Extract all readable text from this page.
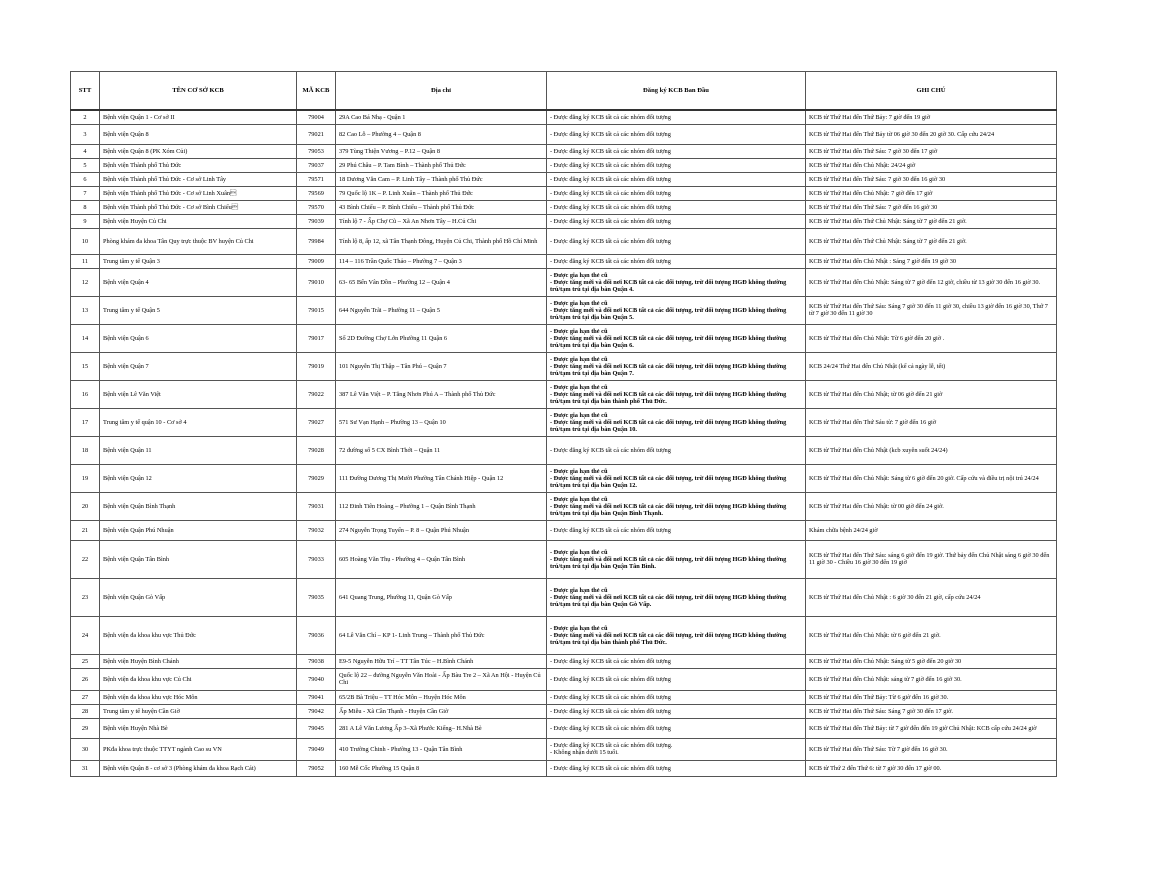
STT	TÊN CƠ SỞ KCB	MÃ KCB	Địa chỉ	Đăng ký KCB Ban Đầu	GHI CHÚ
2	Bệnh viện Quận 1 - Cơ sở II	79004	29A Cao Bá Nhạ - Quận 1	- Được đăng ký KCB tất cả các nhóm đối tượng	KCB từ Thứ Hai đến Thứ Bảy: 7 giờ đến 19 giờ
3	Bệnh viện Quận 8	79021	82 Cao Lỗ – Phường 4 – Quận 8	- Được đăng ký KCB tất cả các nhóm đối tượng	KCB từ Thứ Hai đến Thứ Bảy từ 06 giờ 30 đến 20 giờ 30. Cấp cứu 24/24
4	Bệnh viện Quận 8 (PK Xóm Củi)	79053	379 Tùng Thiện Vương – P.12 – Quận 8	- Được đăng ký KCB tất cả các nhóm đối tượng	KCB từ Thứ Hai đến Thứ Sáu: 7 giờ 30 đến 17 giờ
5	Bệnh viện Thành phố Thủ Đức	79037	29 Phú Châu – P. Tam Bình – Thành phố Thủ Đức	- Được đăng ký KCB tất cả các nhóm đối tượng	KCB từ Thứ Hai đến Chủ Nhật: 24/24 giờ
6	Bệnh viện Thành phố Thủ Đức - Cơ sở Linh Tây	79571	18 Dương Văn Cam – P. Linh Tây – Thành phố Thủ Đức	- Được đăng ký KCB tất cả các nhóm đối tượng	KCB từ Thứ Hai đến Thứ Sáu: 7 giờ 30 đến 16 giờ 30
7	Bệnh viện Thành phố Thủ Đức - Cơ sở Linh Xuân	79569	79 Quốc lộ 1K – P. Linh Xuân – Thành phố Thủ Đức	- Được đăng ký KCB tất cả các nhóm đối tượng	KCB từ Thứ Hai đến Chủ Nhật: 7 giờ đến 17 giờ
8	Bệnh viện Thành phố Thủ Đức - Cơ sở Bình Chiểu	79570	43 Bình Chiểu – P. Bình Chiểu – Thành phố Thủ Đức	- Được đăng ký KCB tất cả các nhóm đối tượng	KCB từ Thứ Hai đến Thứ Sáu: 7 giờ đến 16 giờ 30
9	Bệnh viện Huyện Củ Chi	79039	Tỉnh lộ 7 - Ấp Chợ Cũ – Xã An Nhơn Tây – H.Củ Chi	- Được đăng ký KCB tất cả các nhóm đối tượng	KCB từ Thứ Hai đến Thứ Chủ Nhật: Sáng từ 7 giờ đến 21 giờ.
10	Phòng khám đa khoa Tân Quy trực thuộc BV huyện Củ Chi	79984	Tỉnh lộ 8, ấp 12, xã Tân Thạnh Đông, Huyện Củ Chi, Thành phố Hồ Chí Minh	- Được đăng ký KCB tất cả các nhóm đối tượng	KCB từ Thứ Hai đến Thứ Chủ Nhật: Sáng từ 7 giờ đến 21 giờ.
11	Trung tâm y tế Quận 3	79009	114 – 116 Trần Quốc Thảo – Phường 7 – Quận 3	- Được đăng ký KCB tất cả các nhóm đối tượng	KCB từ Thứ Hai đến Chủ Nhật : Sáng 7 giờ đến 19 giờ 30
12	Bệnh viện Quận 4	79010	63- 65 Bến Vân Đồn – Phường 12 – Quận 4	- Được gia hạn thẻ cũ
- Được tăng mới và đổi nơi KCB tất cả các đối tượng, trừ đối tượng HGĐ không thường trú/tạm trú tại địa bàn Quận 4.	KCB từ Thứ Hai đến Chủ Nhật: Sáng từ 7 giờ đến 12 giờ, chiều từ 13 giờ 30 đến 16 giờ 30.
13	Trung tâm y tế Quận 5	79015	644 Nguyễn Trãi – Phường 11 – Quận 5	- Được gia hạn thẻ cũ
- Được tăng mới và đổi nơi KCB tất cả các đối tượng, trừ đối tượng HGĐ không thường trú/tạm trú tại địa bàn Quận 5.	KCB từ Thứ Hai đến Thứ Sáu: Sáng 7 giờ 30 đến 11 giờ 30, chiều 13 giờ đến 16 giờ 30, Thứ 7 từ 7 giờ 30 đến 11 giờ 30
14	Bệnh viện Quận 6	79017	Số 2D Đường Chợ Lớn Phường 11 Quận 6	- Được gia hạn thẻ cũ
- Được tăng mới và đổi nơi KCB tất cả các đối tượng, trừ đối tượng HGĐ không thường trú/tạm trú tại địa bàn Quận 6.	KCB từ Thứ Hai đến Chủ Nhật: Từ 6 giờ đến 20 giờ .
15	Bệnh viện Quận 7	79019	101 Nguyễn Thị Thập – Tân Phú – Quận 7	- Được gia hạn thẻ cũ
- Được tăng mới và đổi nơi KCB tất cả các đối tượng, trừ đối tượng HGĐ không thường trú/tạm trú tại địa bàn Quận 7.	KCB 24/24 Thứ Hai đến Chủ Nhật (kể cả ngày lễ, tết)
16	Bệnh viện Lê Văn Việt	79022	387 Lê Văn Việt – P. Tăng Nhơn Phú A – Thành phố Thủ Đức	- Được gia hạn thẻ cũ
- Được tăng mới và đổi nơi KCB tất cả các đối tượng, trừ đối tượng HGĐ không thường trú/tạm trú tại địa bàn thành phố Thủ Đức.	KCB từ Thứ Hai đến Chủ Nhật; từ 06 giờ đến 21 giờ
17	Trung tâm y tế quận 10 - Cơ sở 4	79027	571 Sư Vạn Hạnh – Phường 13 – Quận 10	- Được gia hạn thẻ cũ
- Được tăng mới và đổi nơi KCB tất cả các đối tượng, trừ đối tượng HGĐ không thường trú/tạm trú tại địa bàn Quận 10.	KCB từ Thứ Hai đến Thứ Sáu từ: 7 giờ đến 16 giờ
18	Bệnh viện Quận 11	79028	72 đường số 5 CX Bình Thới – Quận 11	- Được đăng ký KCB tất cả các nhóm đối tượng	KCB từ Thứ Hai đến Chủ Nhật (kcb xuyên suốt 24/24)
19	Bệnh viện Quận 12	79029	111 Đường Dương Thị Mười Phường Tân Chánh Hiệp - Quận 12	- Được gia hạn thẻ cũ
- Được tăng mới và đổi nơi KCB tất cả các đối tượng, trừ đối tượng HGĐ không thường trú/tạm trú tại địa bàn Quận 12.	KCB từ Thứ Hai đến Chủ Nhật: Sáng từ 6 giờ đến 20 giờ. Cấp cứu và điều trị nội trú 24/24
20	Bệnh viện Quận Bình Thạnh	79031	112 Đinh Tiên Hoàng – Phường 1 – Quận Bình Thạnh	- Được gia hạn thẻ cũ
- Được tăng mới và đổi nơi KCB tất cả các đối tượng, trừ đối tượng HGĐ không thường trú/tạm trú tại địa bàn Quận Bình Thạnh.	KCB từ Thứ Hai đến Chủ Nhật: từ 00 giờ đến 24 giờ.
21	Bệnh viện Quận Phú Nhuận	79032	274 Nguyễn Trọng Tuyển – P. 8 – Quận Phú Nhuận	- Được đăng ký KCB tất cả các nhóm đối tượng	Khám chữa bệnh 24/24 giờ
22	Bệnh viện Quận Tân Bình	79033	605 Hoàng Văn Thụ - Phường 4 – Quận Tân Bình	- Được gia hạn thẻ cũ
- Được tăng mới và đổi nơi KCB tất cả các đối tượng, trừ đối tượng HGĐ không thường trú/tạm trú tại địa bàn Quận Tân Bình.	KCB từ Thứ Hai đến Thứ Sáu: sáng 6 giờ đến 19 giờ. Thứ bảy đến Chủ Nhật sáng 6 giờ 30 đến 11 giờ 30 - Chiều 16 giờ 30 đến 19 giờ
23	Bệnh viện Quận Gò Vấp	79035	641 Quang Trung, Phường 11, Quận Gò Vấp	- Được gia hạn thẻ cũ
- Được tăng mới và đổi nơi KCB tất cả các đối tượng, trừ đối tượng HGĐ không thường trú/tạm trú tại địa bàn Quận Gò Vấp.	KCB từ Thứ Hai đến Chủ Nhật : 6 giờ 30 đến 21 giờ, cấp cứu 24/24
24	Bệnh viện đa khoa khu vực Thủ Đức	79036	64 Lê Văn Chí – KP 1- Linh Trung – Thành phố Thủ Đức	- Được gia hạn thẻ cũ
- Được tăng mới và đổi nơi KCB tất cả các đối tượng, trừ đối tượng HGĐ không thường trú/tạm trú tại địa bàn thành phố Thủ Đức.	KCB từ Thứ Hai đến Chủ Nhật: từ 6 giờ đến 21 giờ.
25	Bệnh viện Huyện Bình Chánh	79038	E9-5 Nguyễn Hữu Trí – TT Tân Túc – H.Bình Chánh	- Được đăng ký KCB tất cả các nhóm đối tượng	KCB từ Thứ Hai đến Chủ Nhật: Sáng từ 5 giờ đến 20 giờ 30
26	Bệnh viện đa khoa khu vực Củ Chi	79040	Quốc lộ 22 – đường Nguyễn Văn Hoài - Ấp Bàu Tre 2 – Xã An Hội - Huyện Củ Chi	- Được đăng ký KCB tất cả các nhóm đối tượng	KCB từ Thứ Hai đến Chủ Nhật: sáng từ 7 giờ đến 16 giờ 30.
27	Bệnh viện đa khoa khu vực Hóc Môn	79041	65/2B Bà Triệu – TT Hóc Môn – Huyện Hóc Môn	- Được đăng ký KCB tất cả các nhóm đối tượng	KCB từ Thứ Hai đến Thứ Bảy: Từ 6 giờ đến 16 giờ 30.
28	Trung tâm y tế huyện Cần Giờ	79042	Ấp Miễu - Xã Cần Thạnh - Huyện Cần Giờ	- Được đăng ký KCB tất cả các nhóm đối tượng	KCB từ Thứ Hai đến Thứ Sáu: Sáng 7 giờ 30 đến 17 giờ.
29	Bệnh viện Huyện Nhà Bè	79045	281 A Lê Văn Lương Ấp 3–Xã Phước Kiểng– H.Nhà Bè	- Được đăng ký KCB tất cả các nhóm đối tượng	KCB từ Thứ Hai đến Thứ Bảy: từ 7 giờ đến đến 19 giờ Chủ Nhật: KCB cấp cứu 24/24 giờ
30	PKđa khoa trực thuộc TTYT ngành Cao su VN	79049	410 Trường Chinh - Phường 13 - Quận Tân Bình	- Được đăng ký KCB tất cả các nhóm đối tượng.
- Không nhận dưới 15 tuổi.	KCB từ Thứ Hai đến Thứ Sáu: Từ 7 giờ đến 16 giờ 30.
31	Bệnh viện Quận 8 - cơ sở 3 (Phòng khám đa khoa Rạch Cát)	79052	160 Mễ Cốc Phường 15 Quận 8	- Được đăng ký KCB tất cả các nhóm đối tượng	KCB từ Thứ 2 đến Thứ 6: từ 7 giờ 30 đến 17 giờ 00.
